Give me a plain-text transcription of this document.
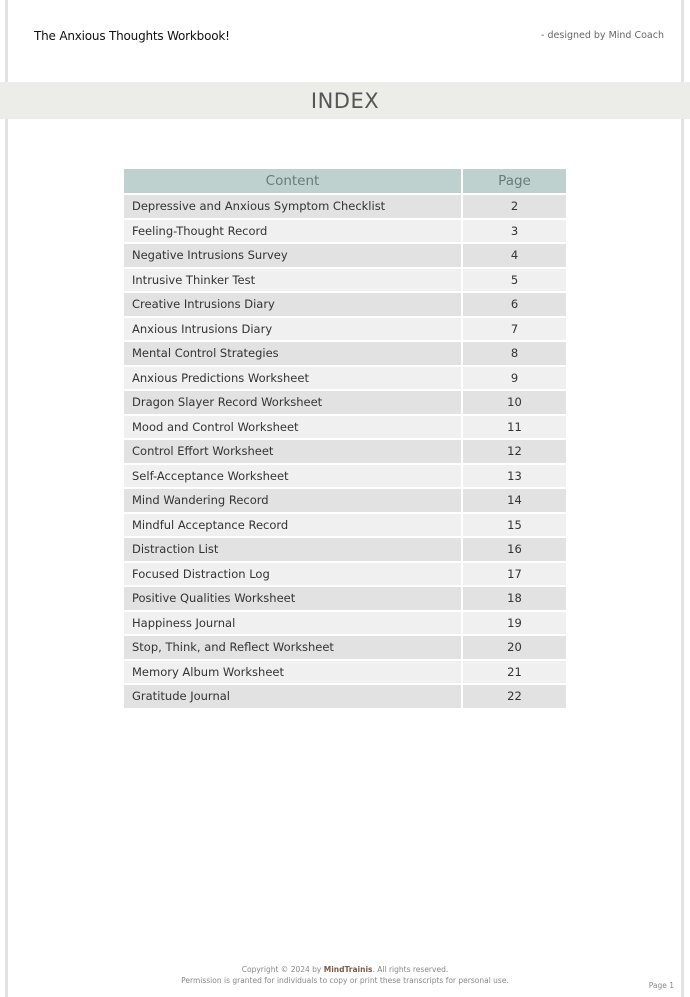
The Anxious Thoughts Workbook!	- designed by Mind Coach
INDEX
Content	Page
Depressive and Anxious Symptom Checklist	2
Feeling-Thought Record	3
Negative Intrusions Survey	4
Intrusive Thinker Test	5
Creative Intrusions Diary	6
Anxious Intrusions Diary	7
Mental Control Strategies	8
Anxious Predictions Worksheet	9
Dragon Slayer Record Worksheet	10
Mood and Control Worksheet	11
Control Effort Worksheet	12
Self-Acceptance Worksheet	13
Mind Wandering Record	14
Mindful Acceptance Record	15
Distraction List	16
Focused Distraction Log	17
Positive Qualities Worksheet	18
Happiness Journal	19
Stop, Think, and Reflect Worksheet	20
Memory Album Worksheet	21
Gratitude Journal	22
Copyright © 2024 by MindTrainis. All rights reserved.
Permission is granted for individuals to copy or print these transcripts for personal use.
Page 1
